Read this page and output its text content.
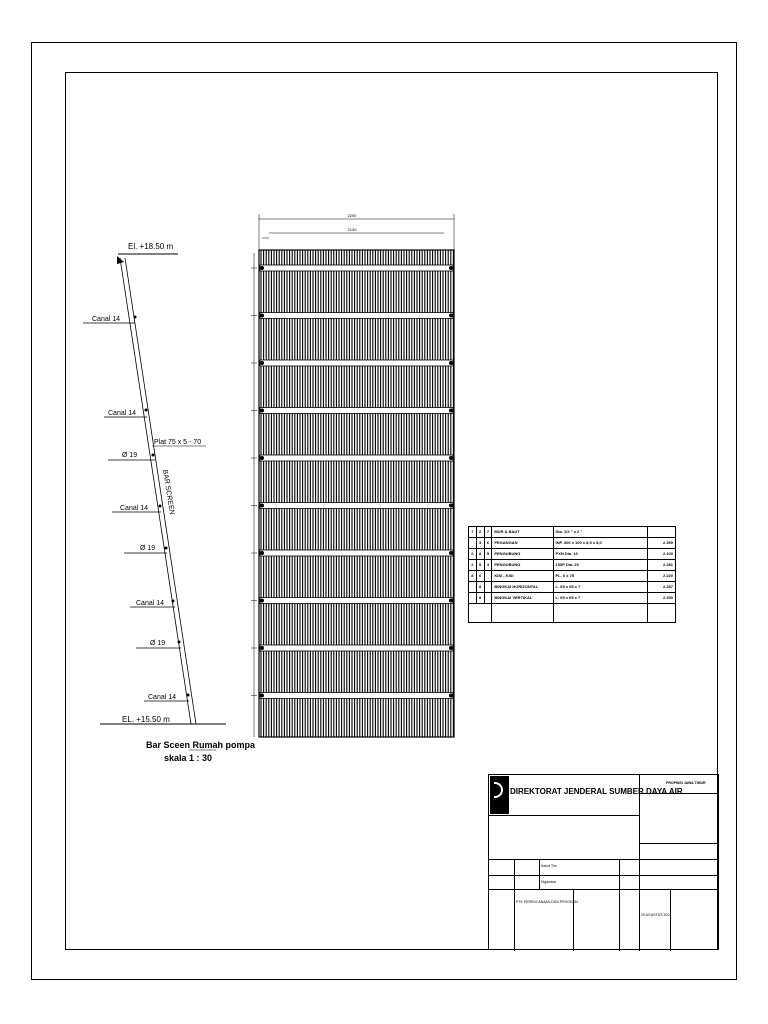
El. +18.50 m
EL. +15.50 m
Canal 14
Canal 14
Plat 75 x 5 - 70
Ø 19
BAR SCREEN
Canal 14
Ø 19
Canal 14
Ø 19
Canal 14
Bar Sceen Rumah pompa
skala 1 : 30
2250
2130
7	2	7	MUR & BAUT	Dia. 1/2 " x 2 "	
	3	6	PEGANGAN	INP. 300 x 100 x 8,5 x 8,0	2.390
2	8	5	PENGUBUNG	PXN Dia. 13	2.100
2	8	4	PENGUBUNG	155P Dia. 20	2.281
8	6		KISI - KISI	PL. 6 x 75	2.220
	8		BINGKAI HORIZONTAL	L. 65 x 65 x 7	2.287
	8		BINGKAI VERTIKAL	L. 65 x 65 x 7	2.250

DIREKTORAT JENDERAL SUMBER DAYA AIR
PROPINSI JAWA TIMUR
Ketua Tim
Digambar
PTK PERENCANAAN DAN PROGRAM
20 AGUSTUS 2024
